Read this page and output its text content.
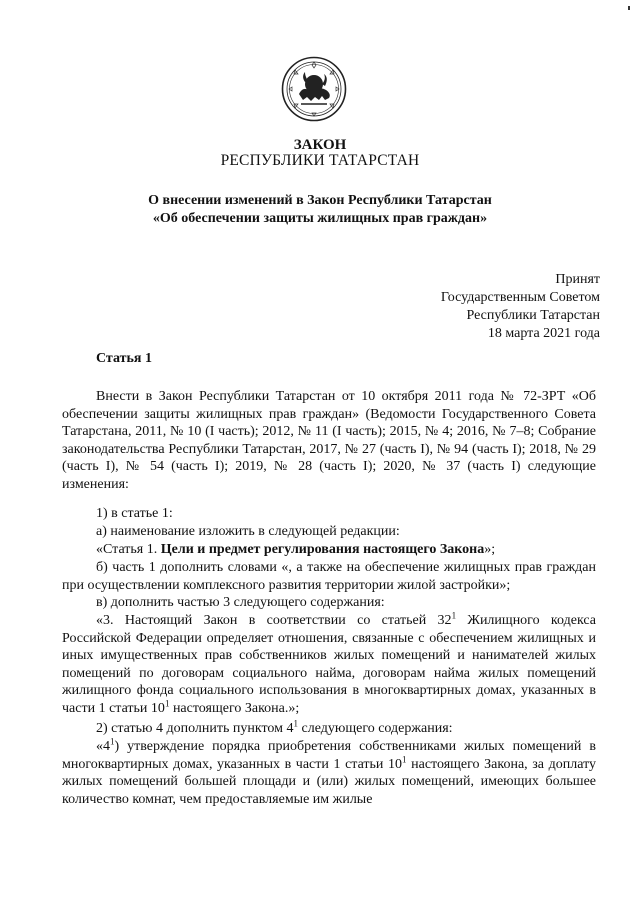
ЗАКОН
РЕСПУБЛИКИ ТАТАРСТАН
О внесении изменений в Закон Республики Татарстан
«Об обеспечении защиты жилищных прав граждан»
Принят
Государственным Советом
Республики Татарстан
18 марта 2021 года
Статья 1

Внести в Закон Республики Татарстан от 10 октября 2011 года № 72-ЗРТ «Об обеспечении защиты жилищных прав граждан» (Ведомости Государственного Совета Татарстана, 2011, № 10 (I часть); 2012, № 11 (I часть); 2015, № 4; 2016, № 7–8; Собрание законодательства Республики Татарстан, 2017, № 27 (часть I), № 94 (часть I); 2018, № 29 (часть I), № 54 (часть I); 2019, № 28 (часть I); 2020, № 37 (часть I) следующие изменения:

1) в статье 1:

а) наименование изложить в следующей редакции:

«Статья 1. Цели и предмет регулирования настоящего Закона»;

б) часть 1 дополнить словами «, а также на обеспечение жилищных прав граждан при осуществлении комплексного развития территории жилой застройки»;

в) дополнить частью 3 следующего содержания:

«3. Настоящий Закон в соответствии со статьей $32^1$ Жилищного кодекса Российской Федерации определяет отношения, связанные с обеспечением жилищных и иных имущественных прав собственников жилых помещений и нанимателей жилых помещений по договорам социального найма, договорам найма жилых помещений жилищного фонда социального использования в многоквартирных домах, указанных в части 1 статьи $10^1$ настоящего Закона.»;

2) статью 4 дополнить пунктом $4^1$ следующего содержания:

«$4^1$) утверждение порядка приобретения собственниками жилых помещений в многоквартирных домах, указанных в части 1 статьи $10^1$ настоящего Закона, за доплату жилых помещений большей площади и (или) жилых помещений, имеющих большее количество комнат, чем предоставляемые им жилые
